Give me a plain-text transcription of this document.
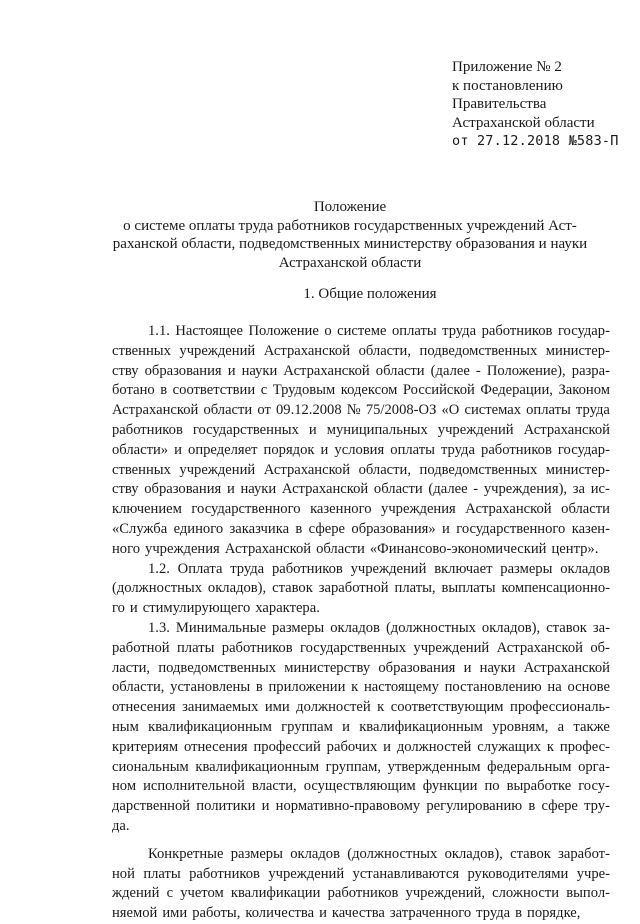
Приложение № 2
к постановлению
Правительства
Астраханской области
от 27.12.2018 №583-П
Положение
о системе оплаты труда работников государственных учреждений Аст-
раханской области, подведомственных министерству образования и науки
Астраханской области
1. Общие положения
1.1. Настоящее Положение о системе оплаты труда работников государ-
ственных учреждений Астраханской области, подведомственных министер-
ству образования и науки Астраханской области (далее - Положение), разра-
ботано в соответствии с Трудовым кодексом Российской Федерации, Законом
Астраханской области от 09.12.2008 № 75/2008-ОЗ «О системах оплаты труда
работников государственных и муниципальных учреждений Астраханской
области» и определяет порядок и условия оплаты труда работников государ-
ственных учреждений Астраханской области, подведомственных министер-
ству образования и науки Астраханской области (далее - учреждения), за ис-
ключением государственного казенного учреждения Астраханской области
«Служба единого заказчика в сфере образования» и государственного казен-
ного учреждения Астраханской области «Финансово-экономический центр».
1.2. Оплата труда работников учреждений включает размеры окладов
(должностных окладов), ставок заработной платы, выплаты компенсационно-
го и стимулирующего характера.
1.3. Минимальные размеры окладов (должностных окладов), ставок за-
работной платы работников государственных учреждений Астраханской об-
ласти, подведомственных министерству образования и науки Астраханской
области, установлены в приложении к настоящему постановлению на основе
отнесения занимаемых ими должностей к соответствующим профессиональ-
ным квалификационным группам и квалификационным уровням, а также
критериям отнесения профессий рабочих и должностей служащих к профес-
сиональным квалификационным группам, утвержденным федеральным орга-
ном исполнительной власти, осуществляющим функции по выработке госу-
дарственной политики и нормативно-правовому регулированию в сфере тру-
да.
Конкретные размеры окладов (должностных окладов), ставок заработ-
ной платы работников учреждений устанавливаются руководителями учре-
ждений с учетом квалификации работников учреждений, сложности выпол-
няемой ими работы, количества и качества затраченного труда в порядке,
